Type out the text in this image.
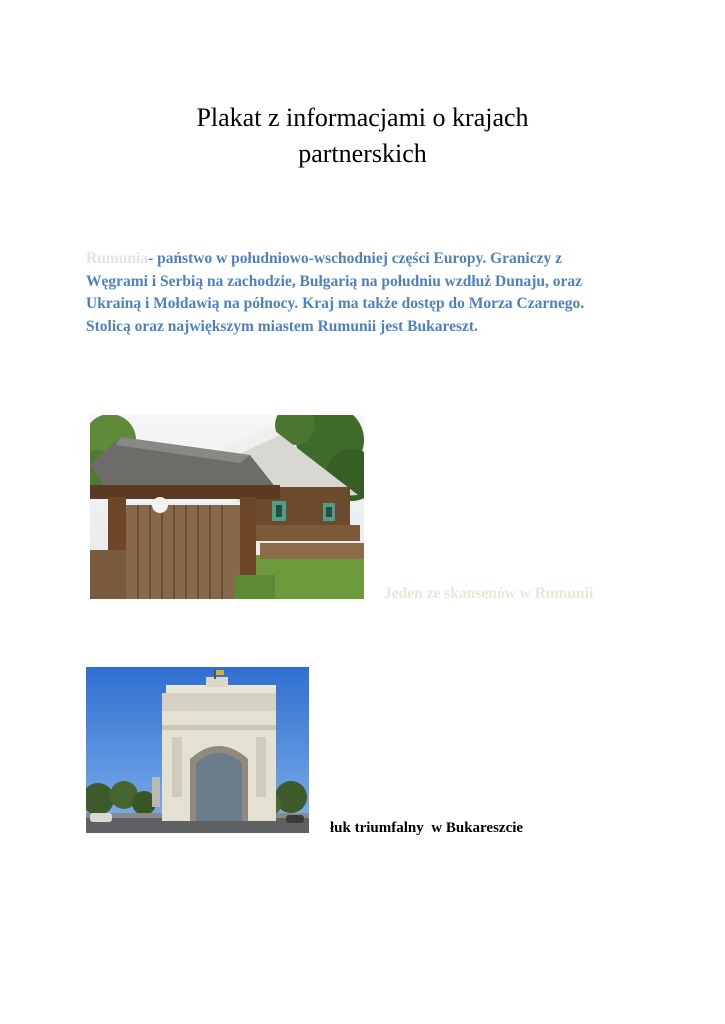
Plakat z informacjami o krajach
partnerskich

Rumunia- państwo w południowo-wschodniej części Europy. Graniczy z Węgrami i Serbią na zachodzie, Bułgarią na południu wzdłuż Dunaju, oraz Ukrainą i Mołdawią na północy. Kraj ma także dostęp do Morza Czarnego. Stolicą oraz największym miastem Rumunii jest Bukareszt.

Jeden ze skansenów w Rumunii
łuk triumfalny  w Bukareszcie
